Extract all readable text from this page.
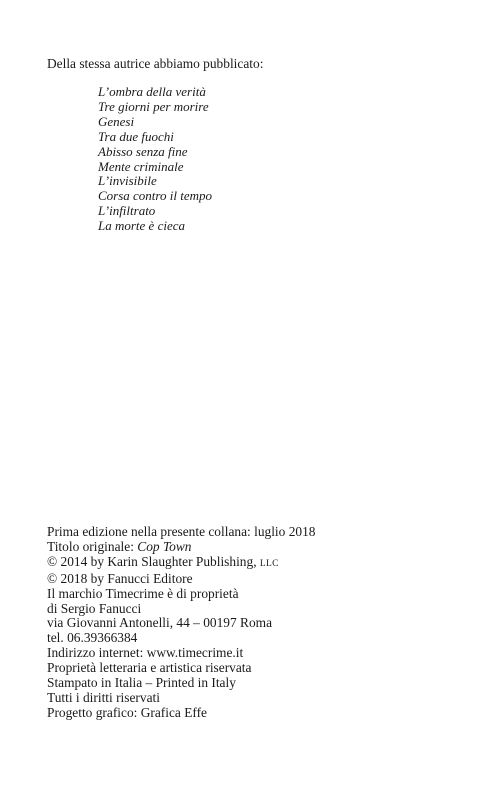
Della stessa autrice abbiamo pubblicato:

L’ombra della verità
Tre giorni per morire
Genesi
Tra due fuochi
Abisso senza fine
Mente criminale
L’invisibile
Corsa contro il tempo
L’infiltrato
La morte è cieca
Prima edizione nella presente collana: luglio 2018
Titolo originale: Cop Town
© 2014 by Karin Slaughter Publishing, LLC
© 2018 by Fanucci Editore
Il marchio Timecrime è di proprietà
di Sergio Fanucci
via Giovanni Antonelli, 44 – 00197 Roma
tel. 06.39366384
Indirizzo internet: www.timecrime.it
Proprietà letteraria e artistica riservata
Stampato in Italia – Printed in Italy
Tutti i diritti riservati
Progetto grafico: Grafica Effe
